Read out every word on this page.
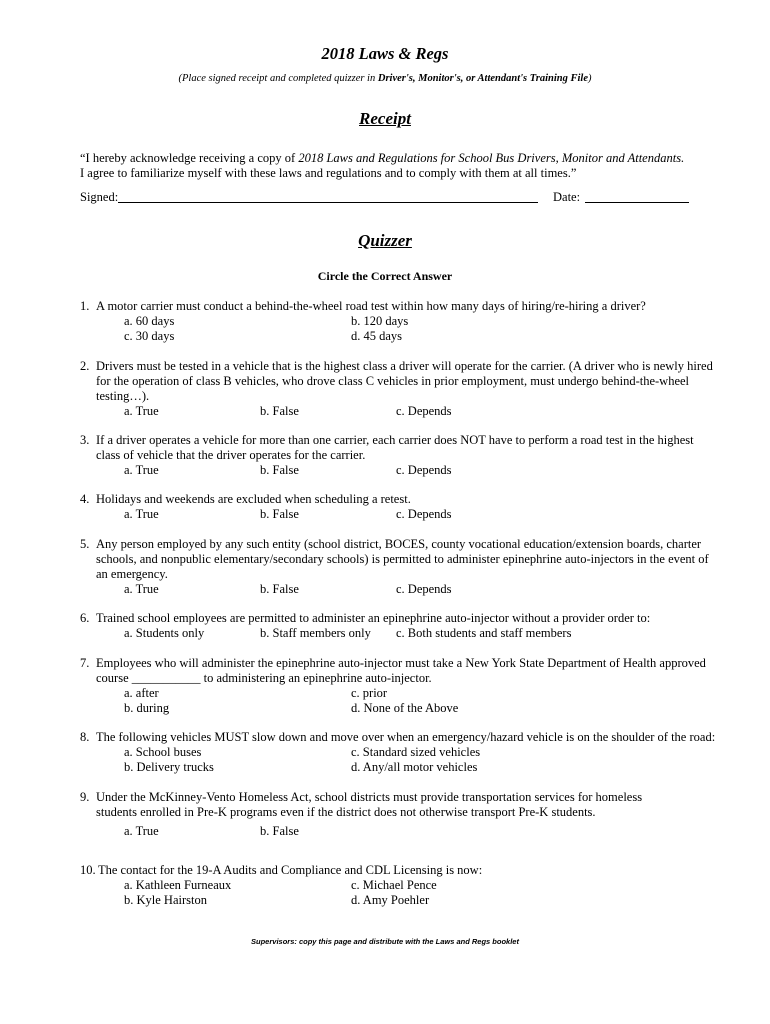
2018 Laws & Regs
(Place signed receipt and completed quizzer in Driver's, Monitor's, or Attendant's Training File)
Receipt
“I hereby acknowledge receiving a copy of 2018 Laws and Regulations for School Bus Drivers, Monitor and Attendants.
I agree to familiarize myself with these laws and regulations and to comply with them at all times.”
Signed:	Date:
Quizzer
Circle the Correct Answer
1. A motor carrier must conduct a behind-the-wheel road test within how many days of hiring/re-hiring a driver?
a. 60 days	b. 120 days
c. 30 days	d. 45 days
2. Drivers must be tested in a vehicle that is the highest class a driver will operate for the carrier. (A driver who is newly hired for the operation of class B vehicles, who drove class C vehicles in prior employment, must undergo behind-the-wheel testing…).
a. True	b. False	c. Depends
3. If a driver operates a vehicle for more than one carrier, each carrier does NOT have to perform a road test in the highest class of vehicle that the driver operates for the carrier.
a. True	b. False	c. Depends
4. Holidays and weekends are excluded when scheduling a retest.
a. True	b. False	c. Depends
5. Any person employed by any such entity (school district, BOCES, county vocational education/extension boards, charter schools, and nonpublic elementary/secondary schools) is permitted to administer epinephrine auto-injectors in the event of an emergency.
a. True	b. False	c. Depends
6. Trained school employees are permitted to administer an epinephrine auto-injector without a provider order to:
a. Students only	b. Staff members only c. Both students and staff members
7. Employees who will administer the epinephrine auto-injector must take a New York State Department of Health approved course ___________ to administering an epinephrine auto-injector.
a. after	c. prior
b. during	d. None of the Above
8. The following vehicles MUST slow down and move over when an emergency/hazard vehicle is on the shoulder of the road:
a. School buses	c. Standard sized vehicles
b. Delivery trucks	d. Any/all motor vehicles
9. Under the McKinney-Vento Homeless Act, school districts must provide transportation services for homeless students enrolled in Pre-K programs even if the district does not otherwise transport Pre-K students.
a. True	b. False
10. The contact for the 19-A Audits and Compliance and CDL Licensing is now:
a. Kathleen Furneaux	c. Michael Pence
b. Kyle Hairston	d. Amy Poehler
Supervisors: copy this page and distribute with the Laws and Regs booklet
